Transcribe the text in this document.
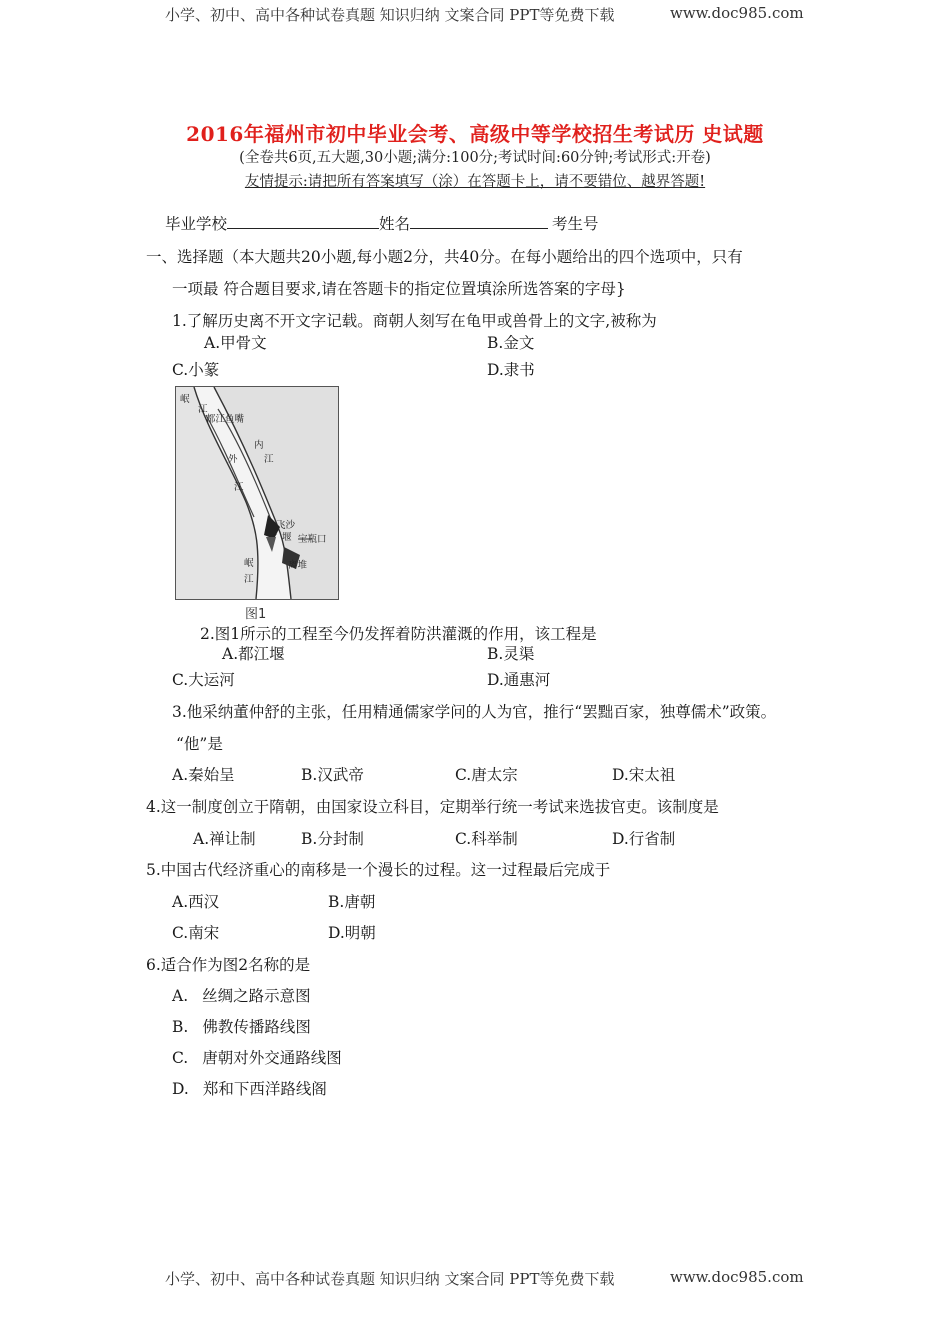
小学、初中、高中各种试卷真题 知识归纳 文案合同 PPT等免费下载	www.doc985.com
2016年福州市初中毕业会考、高级中等学校招生考试历 史试题
(全卷共6页,五大题,30小题;满分:100分;考试时间:60分钟;考试形式:开卷)
友情提示:请把所有答案填写（涂）在答题卡上，请不要错位、越界答题!
毕业学校	姓名	考生号
一、选择题（本大题共20小题,每小题2分，共40分。在每小题给出的四个选项中，只有
一项最 符合题目要求,请在答题卡的指定位置填涂所选答案的字母}
1.了解历史离不开文字记载。商朝人刻写在龟甲或兽骨上的文字,被称为
A.甲骨文	B.金文
C.小篆	D.隶书
岷
江
都江鱼嘴
内
江
外
江
飞沙
堰 宝瓶口
离堆
岷
江
图1
2.图1所示的工程至今仍发挥着防洪灌溉的作用，该工程是
A.都江堰	B.灵渠
C.大运河	D.通惠河
3.他采纳董仲舒的主张，任用精通儒家学问的人为官，推行“罢黜百家，独尊儒术”政策。
“他”是
A.秦始呈	B.汉武帝	C.唐太宗	D.宋太祖
4.这一制度创立于隋朝，由国家设立科目，定期举行统一考试来选拔官吏。该制度是
A.禅让制	B.分封制	C.科举制	D.行省制
5.中国古代经济重心的南移是一个漫长的过程。这一过程最后完成于
A.西汉	B.唐朝
C.南宋	D.明朝
6.适合作为图2名称的是
A. 丝绸之路示意图
B. 佛教传播路线图
C. 唐朝对外交通路线图
D. 郑和下西洋路线阁
小学、初中、高中各种试卷真题 知识归纳 文案合同 PPT等免费下载	www.doc985.com
